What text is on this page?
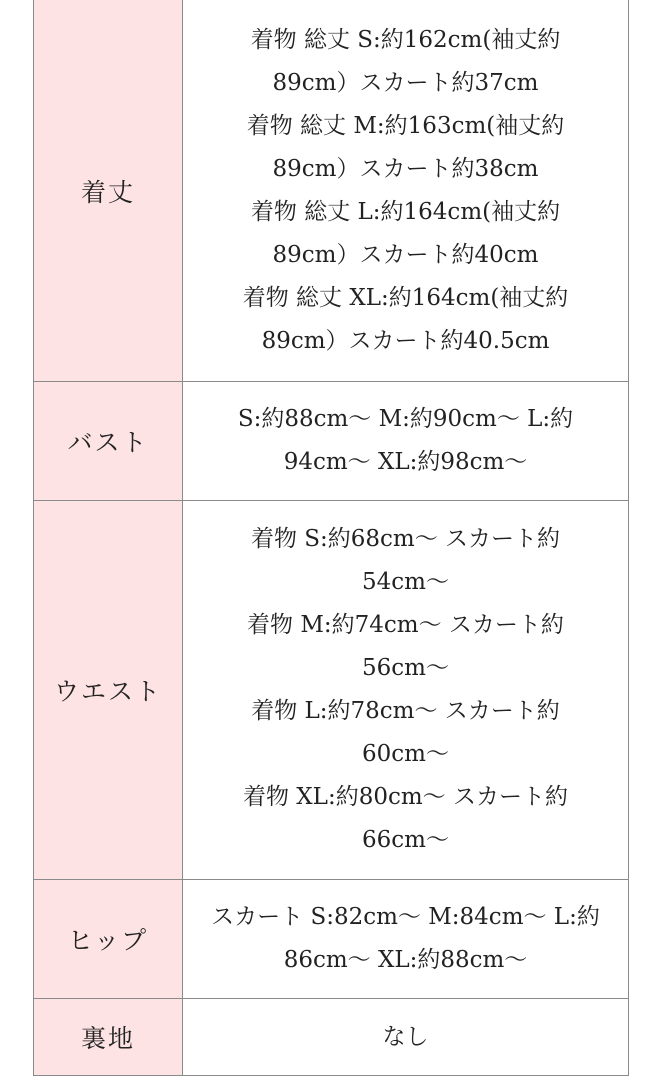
着丈
着物 総丈 S:約162cm(袖丈約
89cm）スカート約37cm
着物 総丈 M:約163cm(袖丈約
89cm）スカート約38cm
着物 総丈 L:約164cm(袖丈約
89cm）スカート約40cm
着物 総丈 XL:約164cm(袖丈約
89cm）スカート約40.5cm
バスト
S:約88cm〜 M:約90cm〜 L:約
94cm〜 XL:約98cm〜
ウエスト
着物 S:約68cm〜 スカート約
54cm〜
着物 M:約74cm〜 スカート約
56cm〜
着物 L:約78cm〜 スカート約
60cm〜
着物 XL:約80cm〜 スカート約
66cm〜
ヒップ
スカート S:82cm〜 M:84cm〜 L:約
86cm〜 XL:約88cm〜
裏地	なし
